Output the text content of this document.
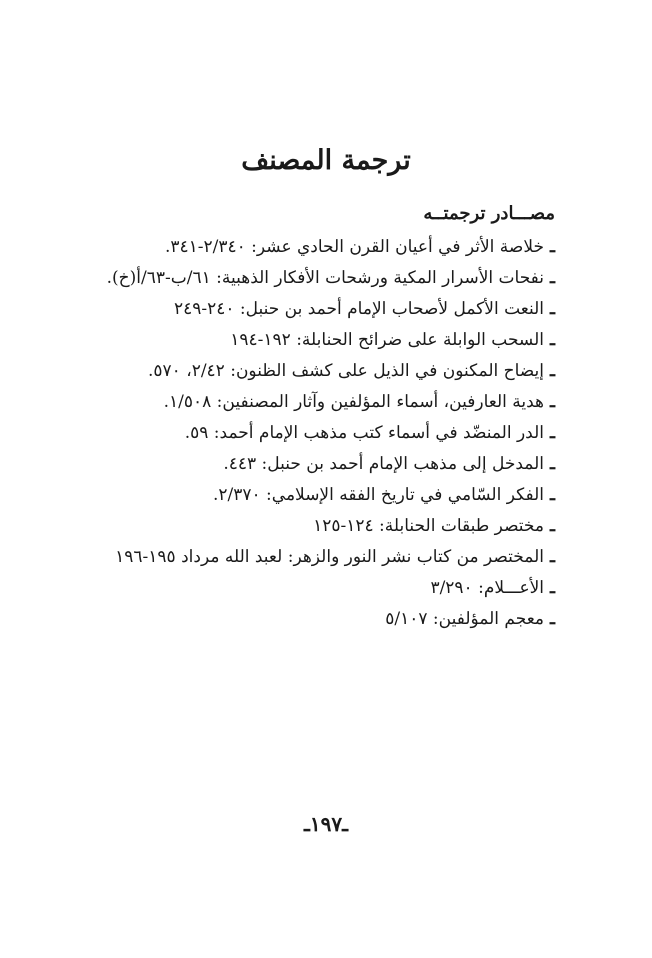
ترجمة المصنف
مصـــادر ترجمتــه
ـخلاصة الأثر في أعيان القرن الحادي عشر: ٢/٣٤٠-٣٤١.
ـنفحات الأسرار المكية ورشحات الأفكار الذهبية: ٦١/ب-٦٣/أ(خ).
ـالنعت الأكمل لأصحاب الإمام أحمد بن حنبل: ٢٤٠-٢٤٩
ـالسحب الوابلة على ضرائح الحنابلة: ١٩٢-١٩٤
ـإيضاح المكنون في الذيل على كشف الظنون: ٢/٤٢، ٥٧٠.
ـهدية العارفين، أسماء المؤلفين وآثار المصنفين: ١/٥٠٨.
ـالدر المنضّد في أسماء كتب مذهب الإمام أحمد: ٥٩.
ـالمدخل إلى مذهب الإمام أحمد بن حنبل: ٤٤٣.
ـالفكر السّامي في تاريخ الفقه الإسلامي: ٢/٣٧٠.
ـمختصر طبقات الحنابلة: ١٢٤-١٢٥
ـالمختصر من كتاب نشر النور والزهر: لعبد الله مرداد ١٩٥-١٩٦
ـالأعـــلام: ٣/٢٩٠
ـمعجم المؤلفين: ٥/١٠٧
ـ١٩٧ـ
